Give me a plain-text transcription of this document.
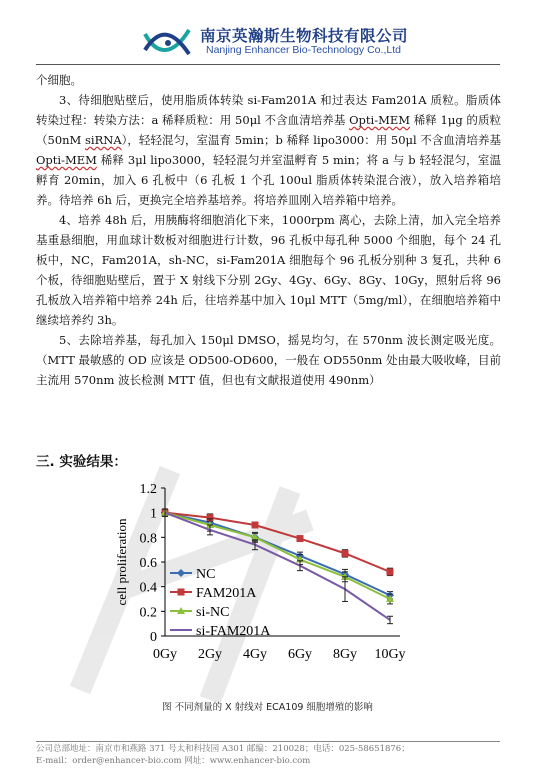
南京英瀚斯生物科技有限公司
Nanjing Enhancer Bio-Technology Co.,Ltd

个细胞。

3、待细胞贴壁后，使用脂质体转染 si-Fam201A 和过表达 Fam201A 质粒。脂质体转染过程：转染方法：a 稀释质粒：用 50μl 不含血清培养基 Opti-MEM 稀释 1μg 的质粒（50nM siRNA），轻轻混匀，室温育 5min；b 稀释 lipo3000：用 50μl 不含血清培养基 Opti-MEM 稀释 3μl lipo3000，轻轻混匀并室温孵育 5 min；将 a 与 b 轻轻混匀，室温孵育 20min，加入 6 孔板中（6 孔板 1 个孔 100ul 脂质体转染混合液），放入培养箱培养。待培养 6h 后，更换完全培养基培养。将培养皿刚入培养箱中培养。

4、培养 48h 后，用胰酶将细胞消化下来，1000rpm 离心，去除上清，加入完全培养基重悬细胞，用血球计数板对细胞进行计数，96 孔板中每孔种 5000 个细胞，每个 24 孔板中，NC，Fam201A，sh-NC，si-Fam201A 细胞每个 96 孔板分别种 3 复孔，共种 6 个板，待细胞贴壁后，置于 X 射线下分别 2Gy、4Gy、6Gy、8Gy、10Gy，照射后将 96 孔板放入培养箱中培养 24h 后，往培养基中加入 10μl MTT（5mg/ml），在细胞培养箱中继续培养约 3h。

5、去除培养基，每孔加入 150μl DMSO，摇晃均匀，在 570nm 波长测定吸光度。（MTT 最敏感的 OD 应该是 OD500-OD600，一般在 OD550nm 处由最大吸收峰，目前主流用 570nm 波长检测 MTT 值，但也有文献报道使用 490nm）

三. 实验结果：
0
0.2
0.4
0.6
0.8
1
1.2
0Gy 2Gy 4Gy 6Gy 8Gy 10Gy
cell proliferation	NC
FAM201A
si-NC
si-FAM201A
图 不同剂量的 X 射线对 ECA109 细胞增殖的影响
公司总部地址：南京市和燕路 371 号太和科技园 A301 邮编：210028；电话：025-58651876；
E-mail：order@enhancer-bio.com 网址：www.enhancer-bio.com
